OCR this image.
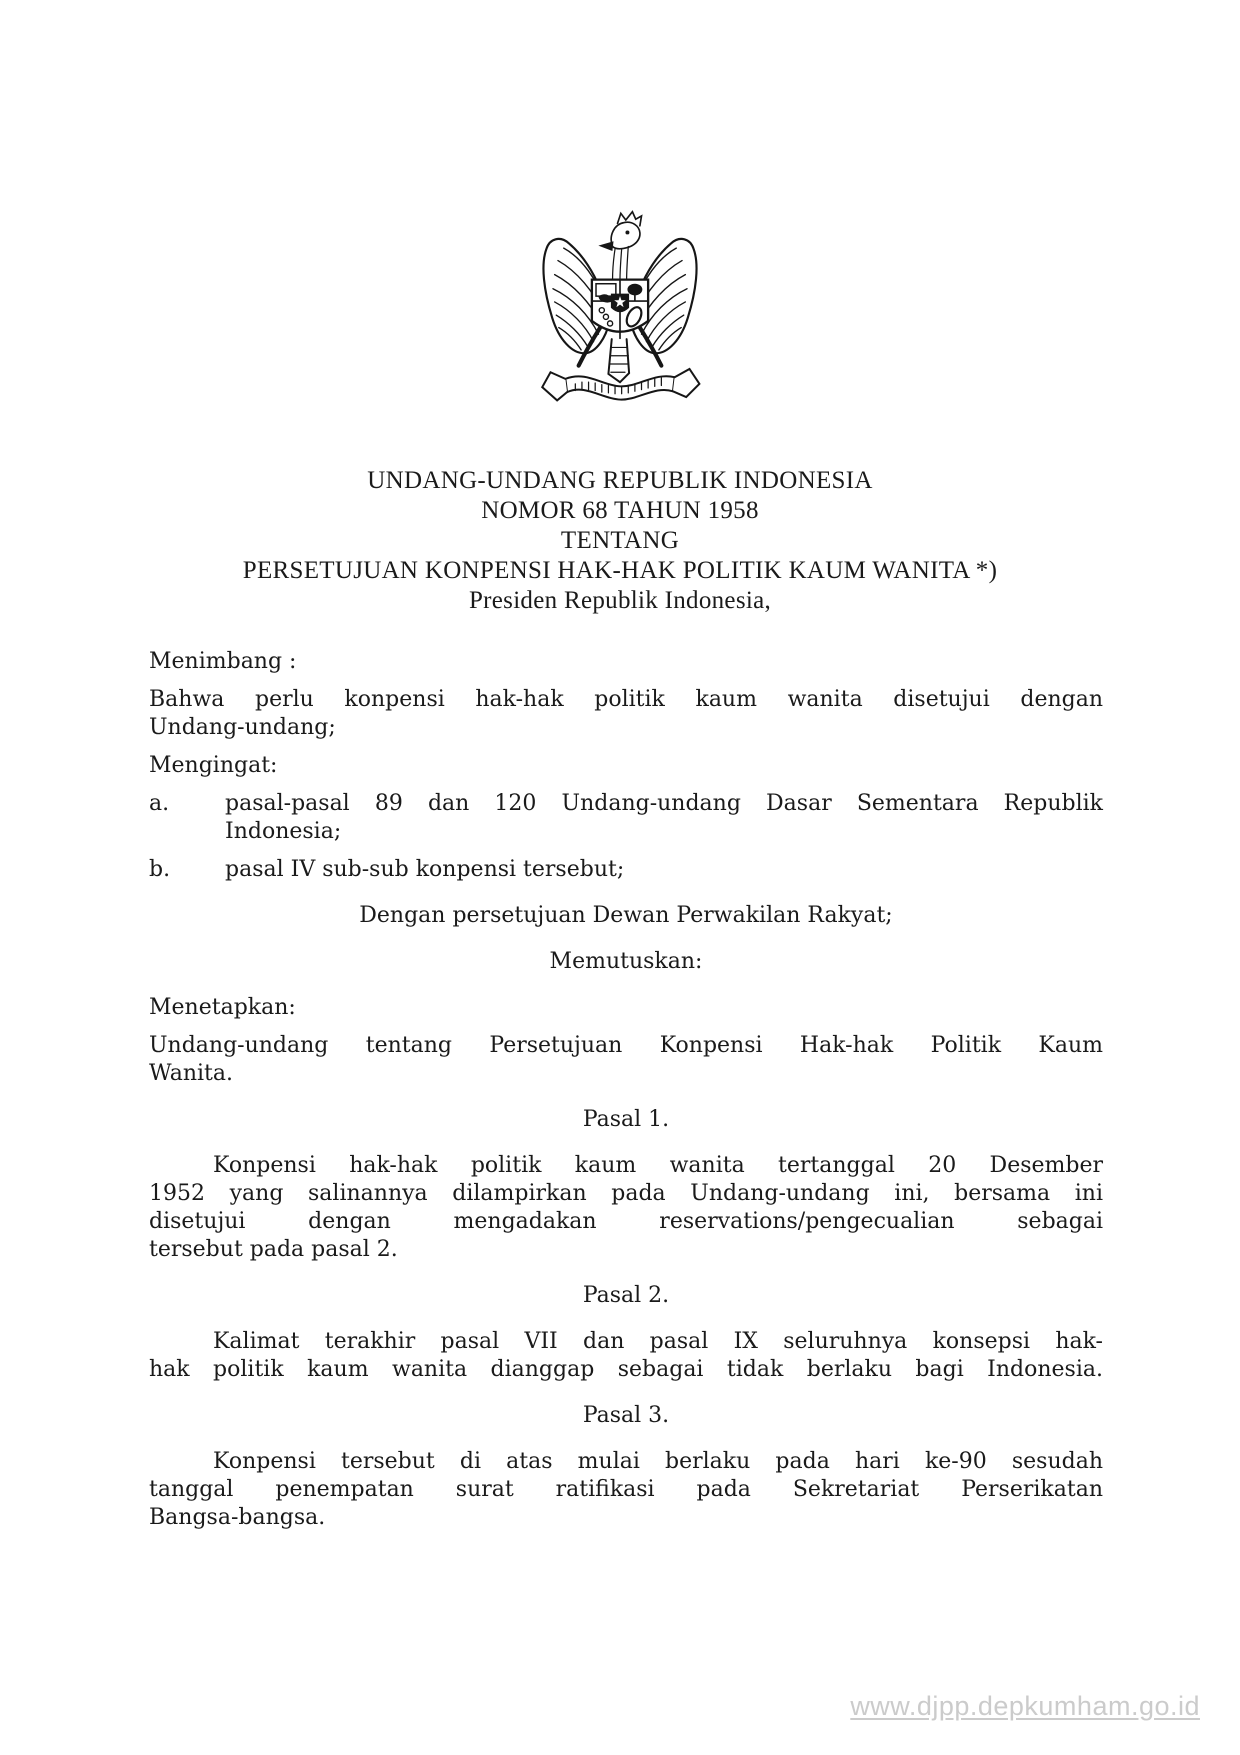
UNDANG-UNDANG REPUBLIK INDONESIA
NOMOR 68 TAHUN 1958
TENTANG
PERSETUJUAN KONPENSI HAK-HAK POLITIK KAUM WANITA *)
Presiden Republik Indonesia,
Menimbang :
Bahwa perlu konpensi hak-hak politik kaum wanita disetujui dengan
Undang-undang;
Mengingat:
a.	pasal-pasal 89 dan 120 Undang-undang Dasar Sementara Republik
Indonesia;
b.	pasal IV sub-sub konpensi tersebut;
Dengan persetujuan Dewan Perwakilan Rakyat;
Memutuskan:
Menetapkan:
Undang-undang tentang Persetujuan Konpensi Hak-hak Politik Kaum
Wanita.
Pasal 1.
Konpensi hak-hak politik kaum wanita tertanggal 20 Desember
1952 yang salinannya dilampirkan pada Undang-undang ini, bersama ini
disetujui dengan mengadakan reservations/pengecualian sebagai
tersebut pada pasal 2.
Pasal 2.
Kalimat terakhir pasal VII dan pasal IX seluruhnya konsepsi hak-
hak politik kaum wanita dianggap sebagai tidak berlaku bagi Indonesia.
Pasal 3.
Konpensi tersebut di atas mulai berlaku pada hari ke-90 sesudah
tanggal penempatan surat ratifikasi pada Sekretariat Perserikatan
Bangsa-bangsa.
www.djpp.depkumham.go.id
